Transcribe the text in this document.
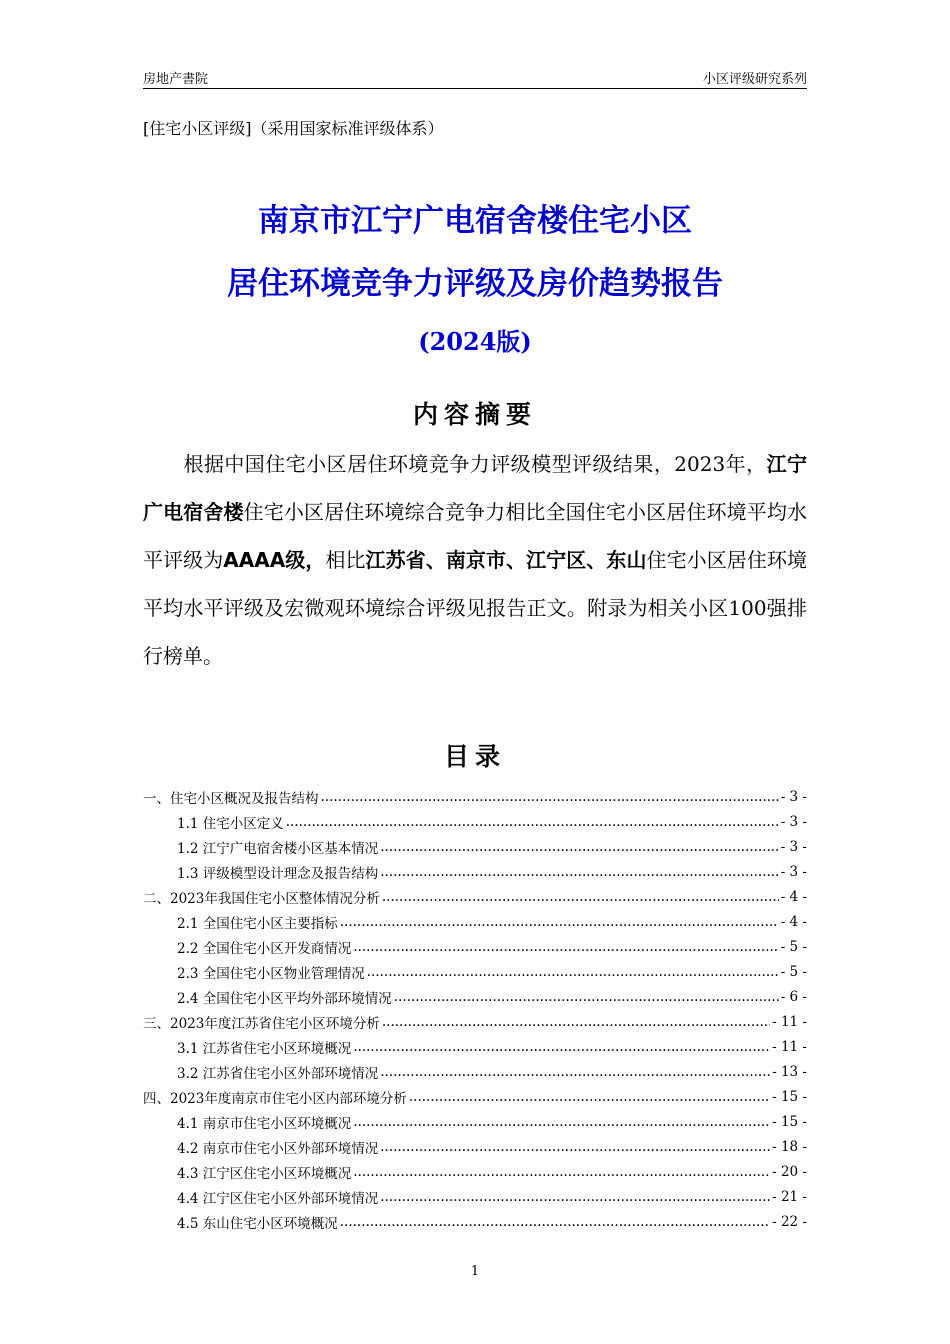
房地产書院	小区评级研究系列
[住宅小区评级]（采用国家标准评级体系）
南京市江宁广电宿舍楼住宅小区
居住环境竞争力评级及房价趋势报告
(2024版)
内容摘要
根据中国住宅小区居住环境竞争力评级模型评级结果，2023年，江宁广电宿舍楼住宅小区居住环境综合竞争力相比全国住宅小区居住环境平均水平评级为AAAA级，相比江苏省、南京市、江宁区、东山住宅小区居住环境平均水平评级及宏微观环境综合评级见报告正文。附录为相关小区100强排行榜单。
目录
一、住宅小区概况及报告结构 .....	- 3 -
1.1 住宅小区定义 .....	- 3 -
1.2 江宁广电宿舍楼小区基本情况 .....	- 3 -
1.3 评级模型设计理念及报告结构 .....	- 3 -
二、2023年我国住宅小区整体情况分析 .....	- 4 -
2.1 全国住宅小区主要指标 .....	- 4 -
2.2 全国住宅小区开发商情况 .....	- 5 -
2.3 全国住宅小区物业管理情况 .....	- 5 -
2.4 全国住宅小区平均外部环境情况 .....	- 6 -
三、2023年度江苏省住宅小区环境分析 .....	- 11 -
3.1 江苏省住宅小区环境概况 .....	- 11 -
3.2 江苏省住宅小区外部环境情况 .....	- 13 -
四、2023年度南京市住宅小区内部环境分析 .....	- 15 -
4.1 南京市住宅小区环境概况 .....	- 15 -
4.2 南京市住宅小区外部环境情况 .....	- 18 -
4.3 江宁区住宅小区环境概况 .....	- 20 -
4.4 江宁区住宅小区外部环境情况 .....	- 21 -
4.5 东山住宅小区环境概况 .....	- 22 -
1
